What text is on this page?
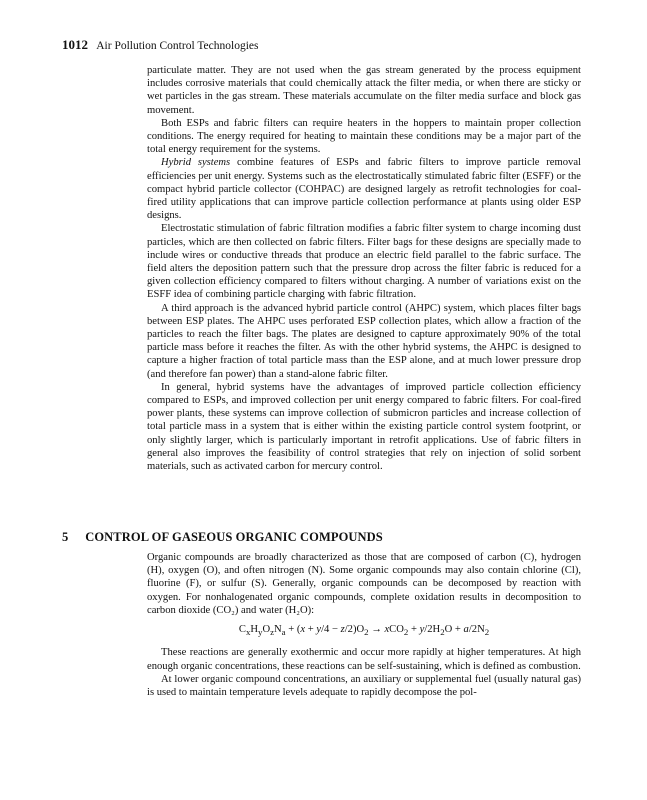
1012 Air Pollution Control Technologies

particulate matter. They are not used when the gas stream generated by the process equipment includes corrosive materials that could chemically attack the filter media, or when there are sticky or wet particles in the gas stream. These materials accumulate on the filter media surface and block gas movement.

Both ESPs and fabric filters can require heaters in the hoppers to maintain proper collection conditions. The energy required for heating to maintain these conditions may be a major part of the total energy requirement for the systems.

Hybrid systems combine features of ESPs and fabric filters to improve particle removal efficiencies per unit energy. Systems such as the electrostatically stimulated fabric filter (ESFF) or the compact hybrid particle collector (COHPAC) are designed largely as retrofit technologies for coal-fired utility applications that can improve particle collection performance at plants using older ESP designs.

Electrostatic stimulation of fabric filtration modifies a fabric filter system to charge incoming dust particles, which are then collected on fabric filters. Filter bags for these designs are specially made to include wires or conductive threads that produce an electric field parallel to the fabric surface. The field alters the deposition pattern such that the pressure drop across the filter fabric is reduced for a given collection efficiency compared to filters without charging. A number of variations exist on the ESFF idea of combining particle charging with fabric filtration.

A third approach is the advanced hybrid particle control (AHPC) system, which places filter bags between ESP plates. The AHPC uses perforated ESP collection plates, which allow a fraction of the particles to reach the filter bags. The plates are designed to capture approximately 90% of the total particle mass before it reaches the filter. As with the other hybrid systems, the AHPC is designed to capture a higher fraction of total particle mass than the ESP alone, and at much lower pressure drop (and therefore fan power) than a stand-alone fabric filter.

In general, hybrid systems have the advantages of improved particle collection efficiency compared to ESPs, and improved collection per unit energy compared to fabric filters. For coal-fired power plants, these systems can improve collection of submicron particles and increase collection of total particle mass in a system that is either within the existing particle control system footprint, or only slightly larger, which is particularly important in retrofit applications. Use of fabric filters in general also improves the feasibility of control strategies that rely on injection of solid sorbent materials, such as activated carbon for mercury control.

5 CONTROL OF GASEOUS ORGANIC COMPOUNDS

Organic compounds are broadly characterized as those that are composed of carbon (C), hydrogen (H), oxygen (O), and often nitrogen (N). Some organic compounds may also contain chlorine (Cl), fluorine (F), or sulfur (S). Generally, organic compounds can be decomposed by reaction with oxygen. For nonhalogenated organic compounds, complete oxidation results in decomposition to carbon dioxide (CO₂) and water (H₂O):

$C_xH_yO_zN_a + (x + y/4 - z/2)O_2 \to xCO_2 + y/2H_2O + a/2N_2$

These reactions are generally exothermic and occur more rapidly at higher temperatures. At high enough organic concentrations, these reactions can be self-sustaining, which is defined as combustion.

At lower organic compound concentrations, an auxiliary or supplemental fuel (usually natural gas) is used to maintain temperature levels adequate to rapidly decompose the pol-
